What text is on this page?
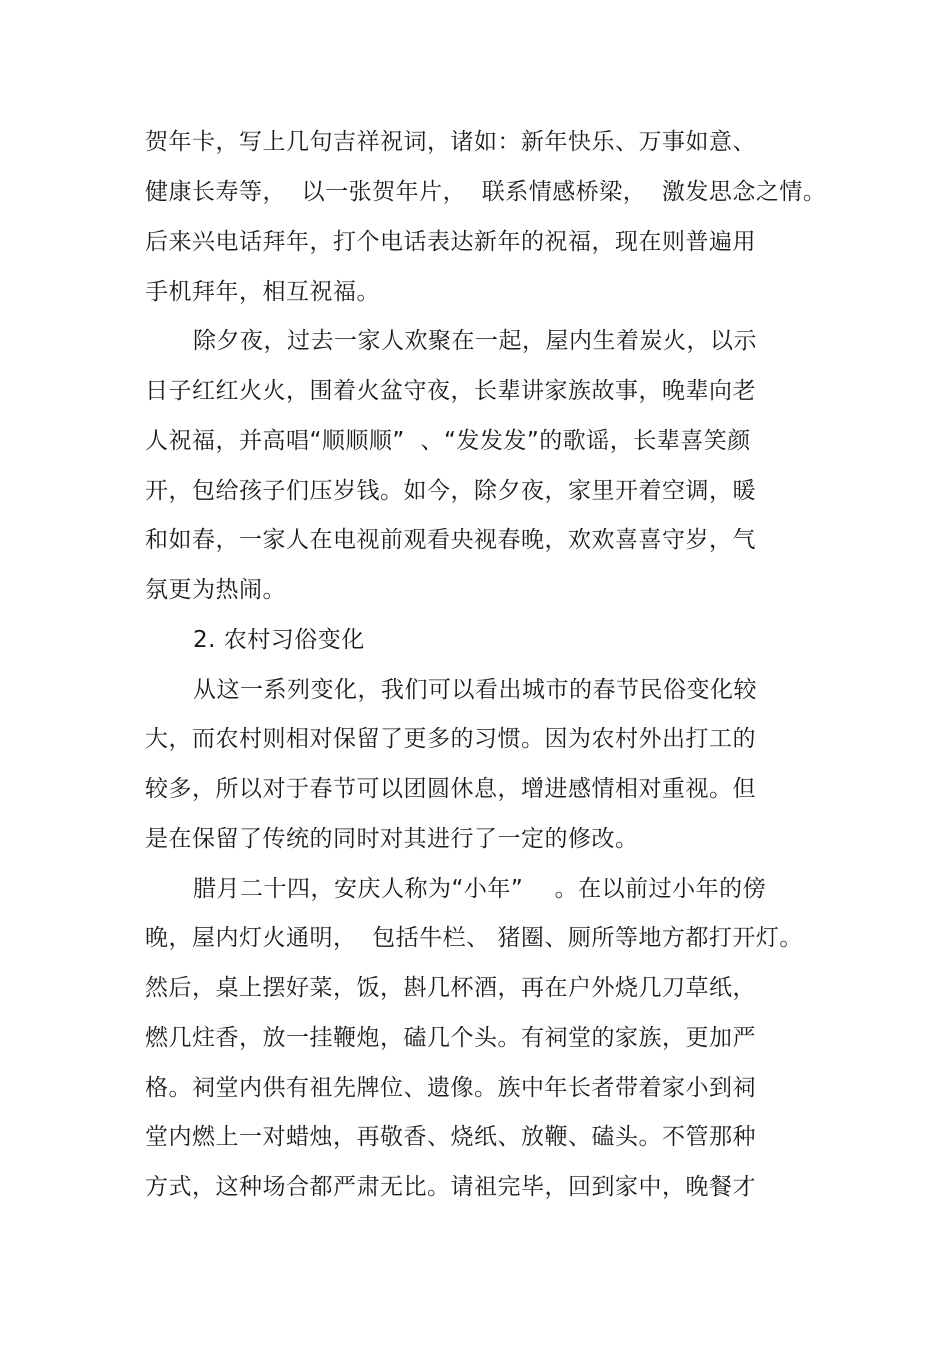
贺年卡，写上几句吉祥祝词，诸如：新年快乐、万事如意、
健康长寿等，  以一张贺年片，  联系情感桥梁，  激发思念之情。
后来兴电话拜年，打个电话表达新年的祝福，现在则普遍用
手机拜年，相互祝福。
除夕夜，过去一家人欢聚在一起，屋内生着炭火，以示
日子红红火火，围着火盆守夜，长辈讲家族故事，晚辈向老
人祝福，并高唱“顺顺顺”  、“发发发”的歌谣，长辈喜笑颜
开，包给孩子们压岁钱。如今，除夕夜，家里开着空调，暖
和如春，一家人在电视前观看央视春晚，欢欢喜喜守岁，气
氛更为热闹。
2. 农村习俗变化
从这一系列变化，我们可以看出城市的春节民俗变化较
大，而农村则相对保留了更多的习惯。因为农村外出打工的
较多，所以对于春节可以团圆休息，增进感情相对重视。但
是在保留了传统的同时对其进行了一定的修改。
腊月二十四，安庆人称为“小年”    。在以前过小年的傍
晚，屋内灯火通明，  包括牛栏、 猪圈、厕所等地方都打开灯。
然后，桌上摆好菜，饭，斟几杯酒，再在户外烧几刀草纸，
燃几炷香，放一挂鞭炮，磕几个头。有祠堂的家族，更加严
格。祠堂内供有祖先牌位、遗像。族中年长者带着家小到祠
堂内燃上一对蜡烛，再敬香、烧纸、放鞭、磕头。不管那种
方式，这种场合都严肃无比。请祖完毕，回到家中，晚餐才
